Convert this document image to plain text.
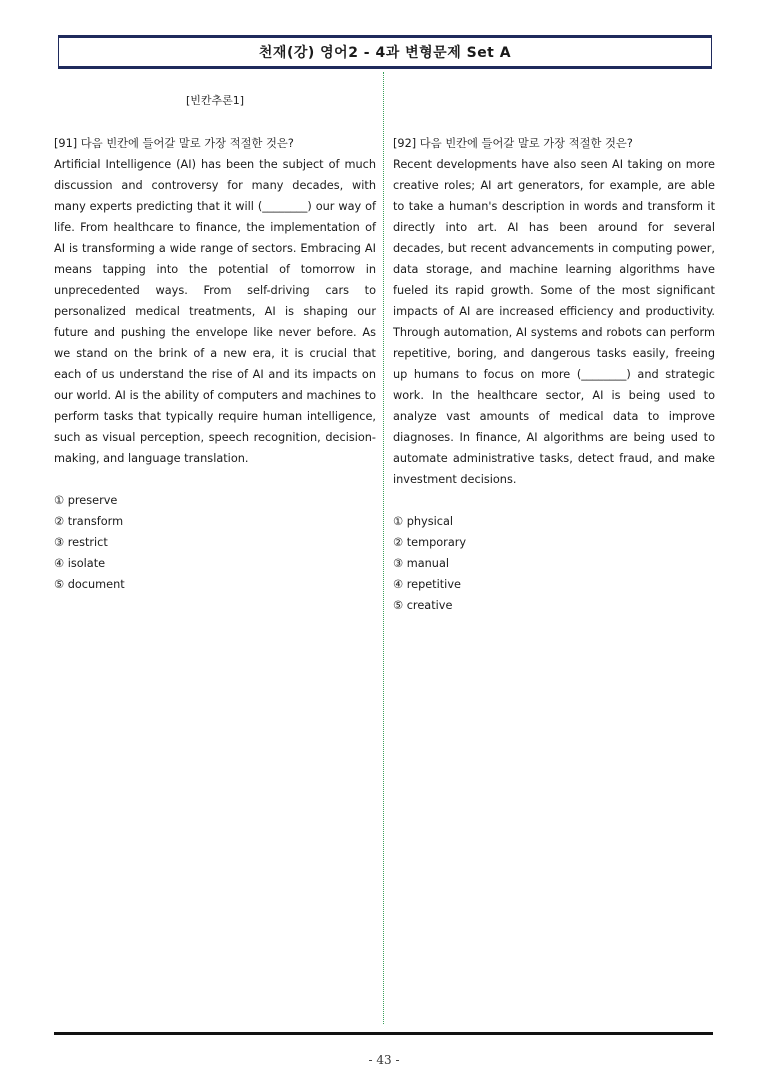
천재(강) 영어2 - 4과 변형문제 Set A
[빈칸추론1]

[91] 다음 빈칸에 들어갈 말로 가장 적절한 것은?

Artificial Intelligence (AI) has been the subject of much discussion and controversy for many decades, with many experts predicting that it will (________) our way of life. From healthcare to finance, the implementation of AI is transforming a wide range of sectors. Embracing AI means tapping into the potential of tomorrow in unprecedented ways. From self-driving cars to personalized medical treatments, AI is shaping our future and pushing the envelope like never before. As we stand on the brink of a new era, it is crucial that each of us understand the rise of AI and its impacts on our world. AI is the ability of computers and machines to perform tasks that typically require human intelligence, such as visual perception, speech recognition, decision-making, and language translation.

① preserve
② transform
③ restrict
④ isolate
⑤ document

[92] 다음 빈칸에 들어갈 말로 가장 적절한 것은?

Recent developments have also seen AI taking on more creative roles; AI art generators, for example, are able to take a human's description in words and transform it directly into art. AI has been around for several decades, but recent advancements in computing power, data storage, and machine learning algorithms have fueled its rapid growth. Some of the most significant impacts of AI are increased efficiency and productivity. Through automation, AI systems and robots can perform repetitive, boring, and dangerous tasks easily, freeing up humans to focus on more (________) and strategic work. In the healthcare sector, AI is being used to analyze vast amounts of medical data to improve diagnoses. In finance, AI algorithms are being used to automate administrative tasks, detect fraud, and make investment decisions.

① physical
② temporary
③ manual
④ repetitive
⑤ creative
- 43 -
